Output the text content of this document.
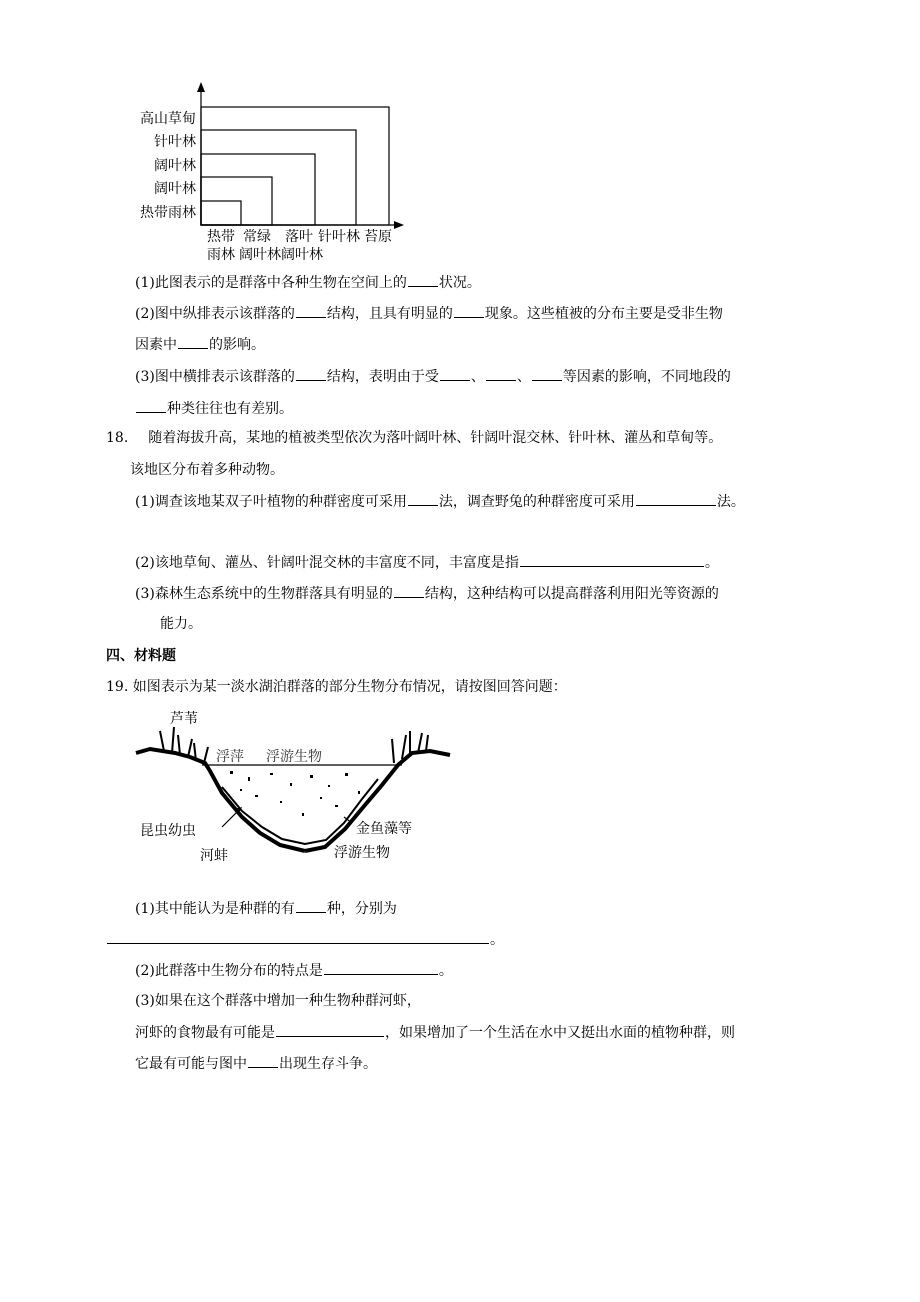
高山草甸
针叶林
阔叶林
阔叶林
热带雨林
热带 常绿 落叶 针叶林 苔原
雨林 阔叶林 阔叶林
(1)此图表示的是群落中各种生物在空间上的 状况。
(2)图中纵排表示该群落的 结构，且具有明显的 现象。这些植被的分布主要是受非生物
因素中 的影响。
(3)图中横排表示该群落的 结构，表明由于受 、 、 等因素的影响，不同地段的
种类往往也有差别。
18. 随着海拔升高，某地的植被类型依次为落叶阔叶林、针阔叶混交林、针叶林、灌丛和草甸等。
该地区分布着多种动物。
(1)调查该地某双子叶植物的种群密度可采用 法，调查野兔的种群密度可采用	法。
(2)该地草甸、灌丛、针阔叶混交林的丰富度不同，丰富度是指	。
(3)森林生态系统中的生物群落具有明显的 结构，这种结构可以提高群落利用阳光等资源的
能力。
四、材料题
19. 如图表示为某一淡水湖泊群落的部分生物分布情况，请按图回答问题：
芦苇
浮萍 浮游生物
昆虫幼虫
河蚌
金鱼藻等
浮游生物
(1)其中能认为是种群的有 种，分别为
。
(2)此群落中生物分布的特点是	。
(3)如果在这个群落中增加一种生物种群河虾，
河虾的食物最有可能是	，如果增加了一个生活在水中又挺出水面的植物种群，则
它最有可能与图中 出现生存斗争。
